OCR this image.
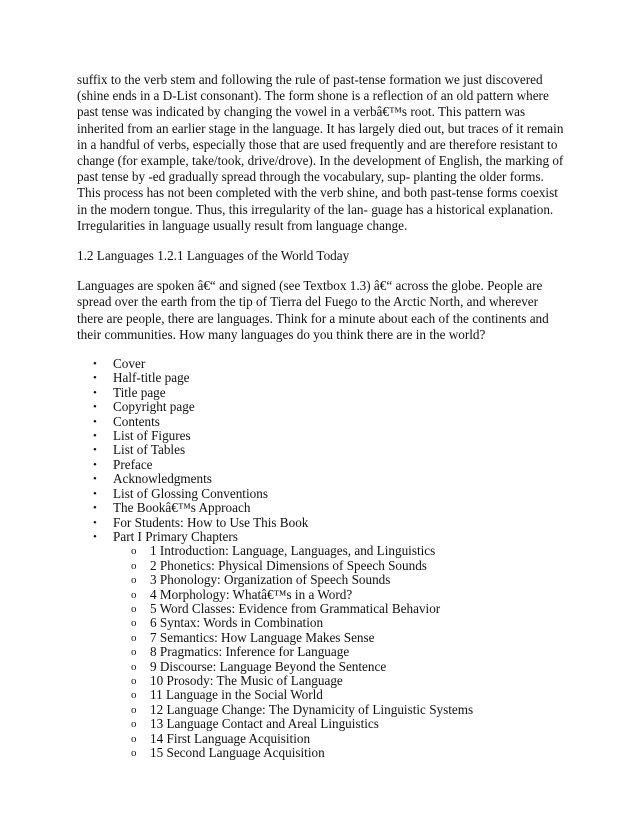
suffix to the verb stem and following the rule of past-tense formation we just discovered (shine ends in a D-List consonant). The form shone is a reflection of an old pattern where past tense was indicated by changing the vowel in a verbâ€™s root. This pattern was inherited from an earlier stage in the language. It has largely died out, but traces of it remain in a handful of verbs, especially those that are used frequently and are therefore resistant to change (for example, take/took, drive/drove). In the development of English, the marking of past tense by -ed gradually spread through the vocabulary, sup- planting the older forms. This process has not been completed with the verb shine, and both past-tense forms coexist in the modern tongue. Thus, this irregularity of the lan- guage has a historical explanation. Irregularities in language usually result from language change.

1.2 Languages 1.2.1 Languages of the World Today

Languages are spoken â€“ and signed (see Textbox 1.3) â€“ across the globe. People are spread over the earth from the tip of Tierra del Fuego to the Arctic North, and wherever there are people, there are languages. Think for a minute about each of the continents and their communities. How many languages do you think there are in the world?

• Cover
• Half-title page
• Title page
• Copyright page
• Contents
• List of Figures
• List of Tables
• Preface
• Acknowledgments
• List of Glossing Conventions
• The Bookâ€™s Approach
• For Students: How to Use This Book
• Part I Primary Chapters
o 1 Introduction: Language, Languages, and Linguistics
o 2 Phonetics: Physical Dimensions of Speech Sounds
o 3 Phonology: Organization of Speech Sounds
o 4 Morphology: Whatâ€™s in a Word?
o 5 Word Classes: Evidence from Grammatical Behavior
o 6 Syntax: Words in Combination
o 7 Semantics: How Language Makes Sense
o 8 Pragmatics: Inference for Language
o 9 Discourse: Language Beyond the Sentence
o 10 Prosody: The Music of Language
o 11 Language in the Social World
o 12 Language Change: The Dynamicity of Linguistic Systems
o 13 Language Contact and Areal Linguistics
o 14 First Language Acquisition
o 15 Second Language Acquisition
